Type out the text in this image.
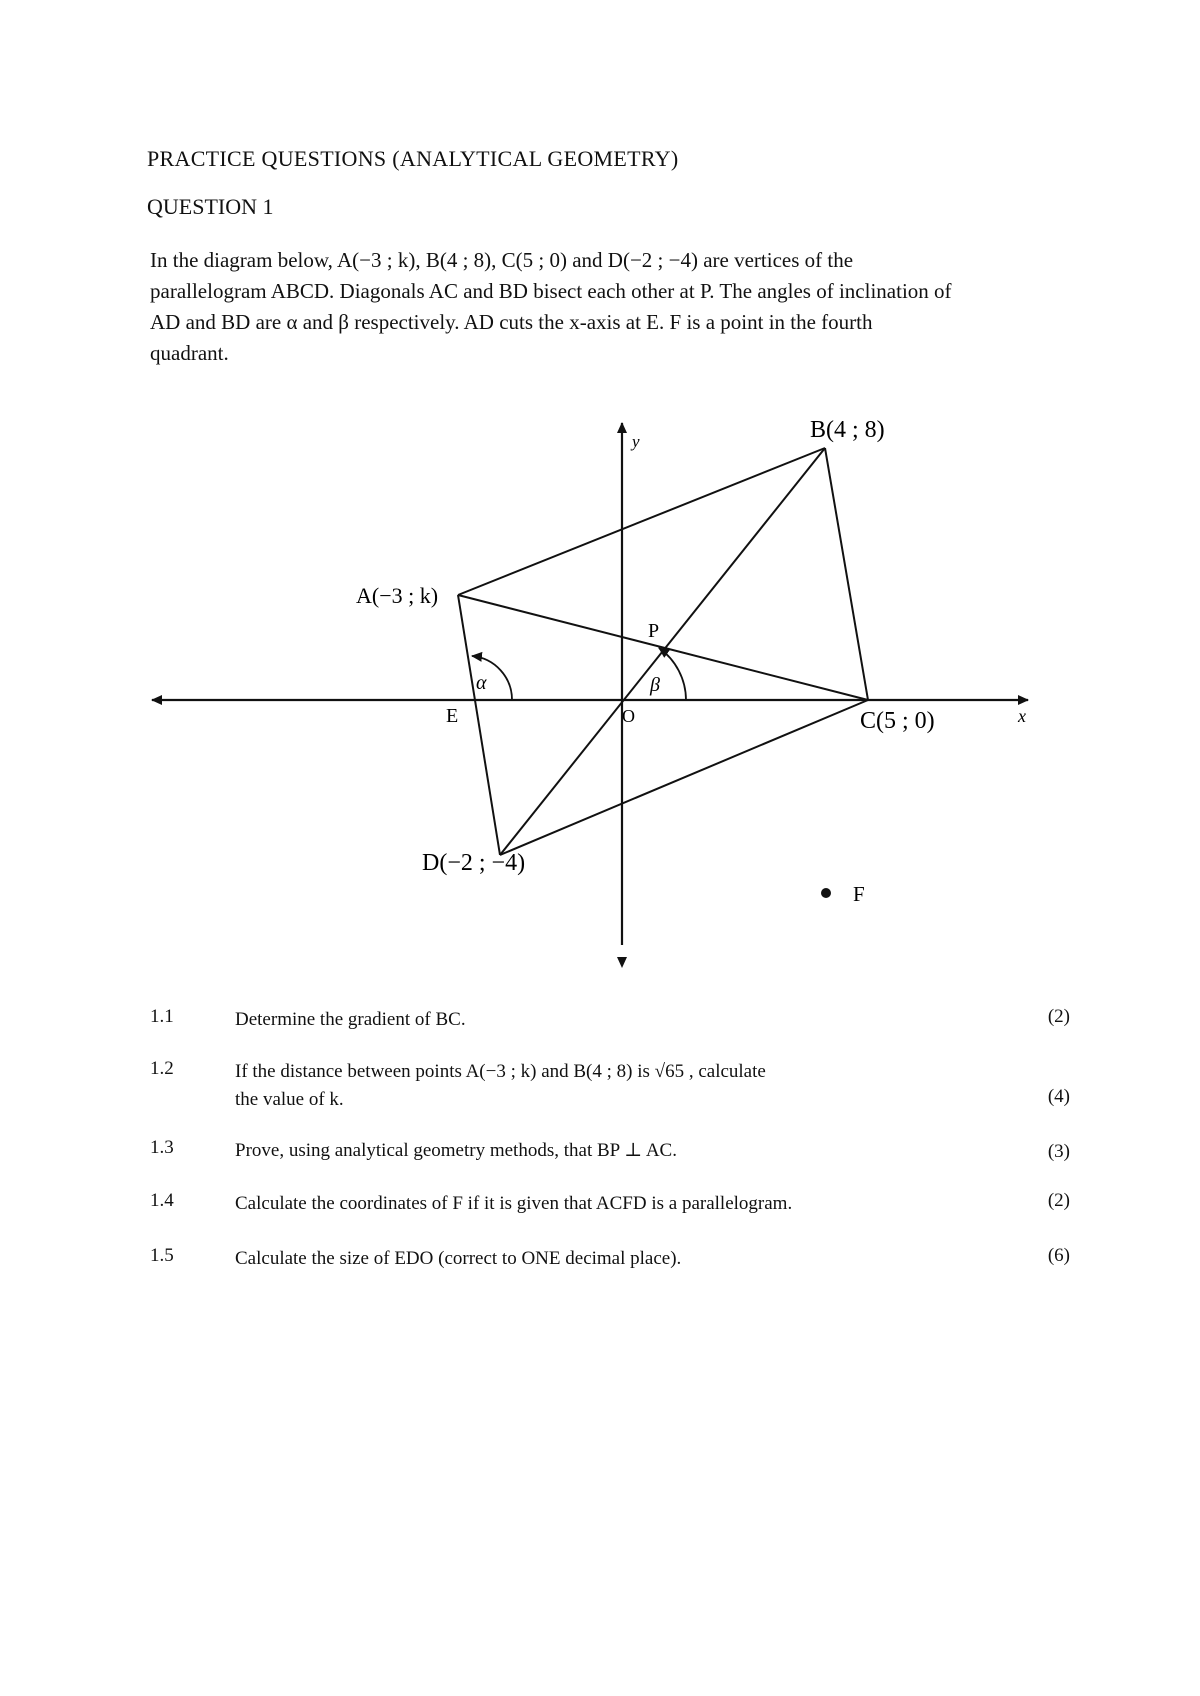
PRACTICE QUESTIONS (ANALYTICAL GEOMETRY)
QUESTION 1

In the diagram below, A(−3 ; k), B(4 ; 8), C(5 ; 0) and D(−2 ; −4) are vertices of the

parallelogram ABCD. Diagonals AC and BD bisect each other at P. The angles of inclination of

AD and BD are α and β respectively. AD cuts the x-axis at E. F is a point in the fourth

quadrant.

B(4 ; 8)
A(−3 ; k)
C(5 ; 0)
D(−2 ; −4)
E	O
P
F
x
y
α	β
1.1	Determine the gradient of BC.	(2)
1.2	If the distance between points A(−3 ; k) and B(4 ; 8) is √65 , calculate
the value of k.	(4)
1.3	Prove, using analytical geometry methods, that BP ⊥ AC.	(3)
1.4	Calculate the coordinates of F if it is given that ACFD is a parallelogram.	(2)
1.5	Calculate the size of EDO (correct to ONE decimal place).	(6)
